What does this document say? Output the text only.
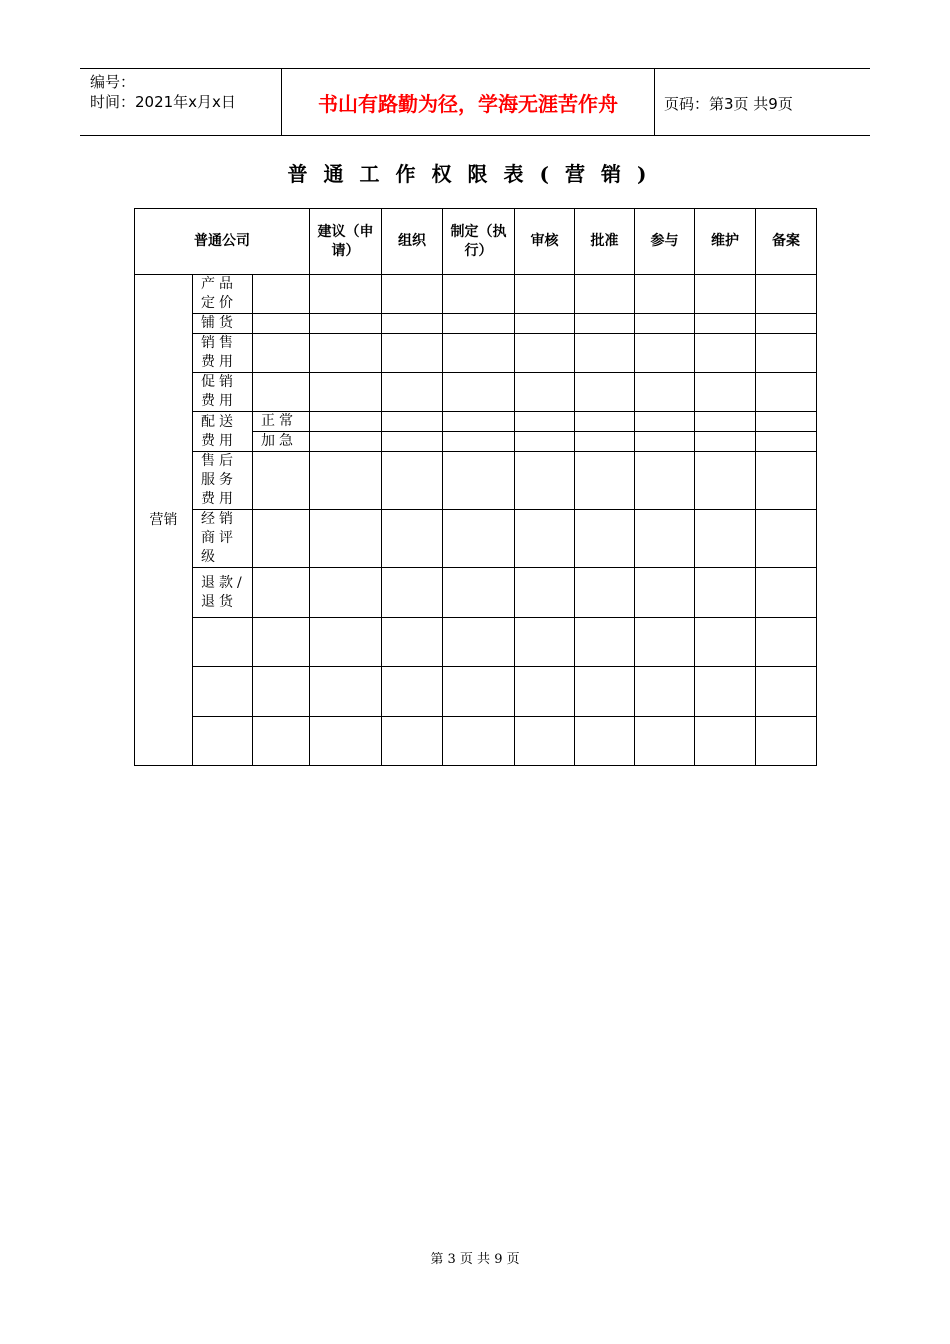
编号：
时间：2021年x月x日	书山有路勤为径，学海无涯苦作舟	页码：第3页 共9页
普通工作权限表(营销)
普通公司			建议（申请）	组织	制定（执行）	审核	批准	参与	维护	备案
营销	产品定价									
	铺货									
	销售费用									
	促销费用									
	配送费用	正常								
		加急								
	售后服务费用									
	经销商评级									
	退款/退货									

第 3 页 共 9 页
